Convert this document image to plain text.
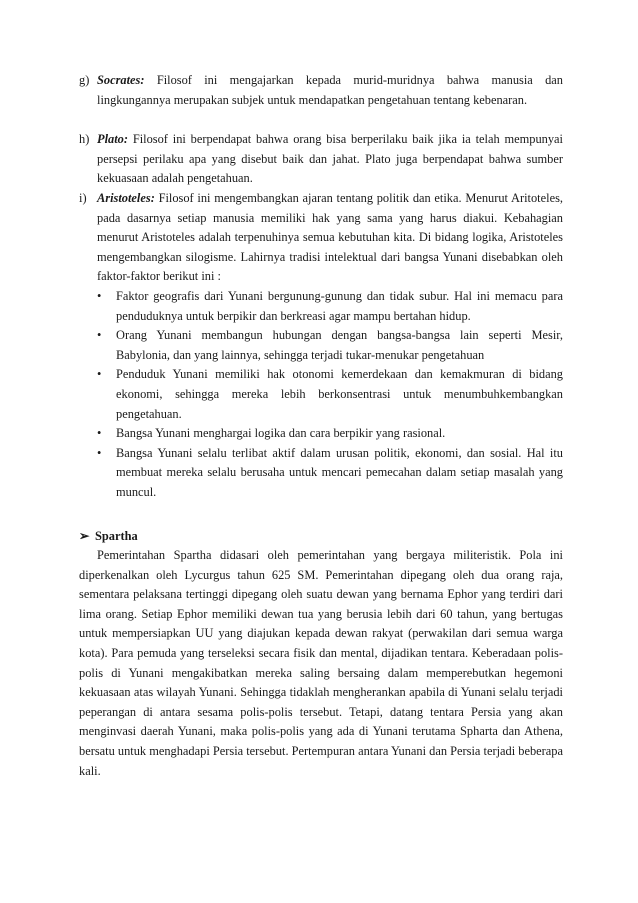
g) Socrates: Filosof ini mengajarkan kepada murid-muridnya bahwa manusia dan lingkungannya merupakan subjek untuk mendapatkan pengetahuan tentang kebenaran.
h) Plato: Filosof ini berpendapat bahwa orang bisa berperilaku baik jika ia telah mempunyai persepsi perilaku apa yang disebut baik dan jahat. Plato juga berpendapat bahwa sumber kekuasaan adalah pengetahuan.
i) Aristoteles: Filosof ini mengembangkan ajaran tentang politik dan etika. Menurut Aritoteles, pada dasarnya setiap manusia memiliki hak yang sama yang harus diakui. Kebahagian menurut Aristoteles adalah terpenuhinya semua kebutuhan kita. Di bidang logika, Aristoteles mengembangkan silogisme. Lahirnya tradisi intelektual dari bangsa Yunani disebabkan oleh faktor-faktor berikut ini :
•	Faktor geografis dari Yunani bergunung-gunung dan tidak subur. Hal ini memacu para penduduknya untuk berpikir dan berkreasi agar mampu bertahan hidup.
•	Orang Yunani membangun hubungan dengan bangsa-bangsa lain seperti Mesir, Babylonia, dan yang lainnya, sehingga terjadi tukar-menukar pengetahuan
•	Penduduk Yunani memiliki hak otonomi kemerdekaan dan kemakmuran di bidang ekonomi, sehingga mereka lebih berkonsentrasi untuk menumbuhkembangkan pengetahuan.
•	Bangsa Yunani menghargai logika dan cara berpikir yang rasional.
•	Bangsa Yunani selalu terlibat aktif dalam urusan politik, ekonomi, dan sosial. Hal itu membuat mereka selalu berusaha untuk mencari pemecahan dalam setiap masalah yang muncul.
➢ Spartha
Pemerintahan Spartha didasari oleh pemerintahan yang bergaya militeristik. Pola ini diperkenalkan oleh Lycurgus tahun 625 SM. Pemerintahan dipegang oleh dua orang raja, sementara pelaksana tertinggi dipegang oleh suatu dewan yang bernama Ephor yang terdiri dari lima orang. Setiap Ephor memiliki dewan tua yang berusia lebih dari 60 tahun, yang bertugas untuk mempersiapkan UU yang diajukan kepada dewan rakyat (perwakilan dari semua warga kota). Para pemuda yang terseleksi secara fisik dan mental, dijadikan tentara. Keberadaan polis-polis di Yunani mengakibatkan mereka saling bersaing dalam memperebutkan hegemoni kekuasaan atas wilayah Yunani. Sehingga tidaklah mengherankan apabila di Yunani selalu terjadi peperangan di antara sesama polis-polis tersebut. Tetapi, datang tentara Persia yang akan menginvasi daerah Yunani, maka polis-polis yang ada di Yunani terutama Spharta dan Athena, bersatu untuk menghadapi Persia tersebut. Pertempuran antara Yunani dan Persia terjadi beberapa kali.
